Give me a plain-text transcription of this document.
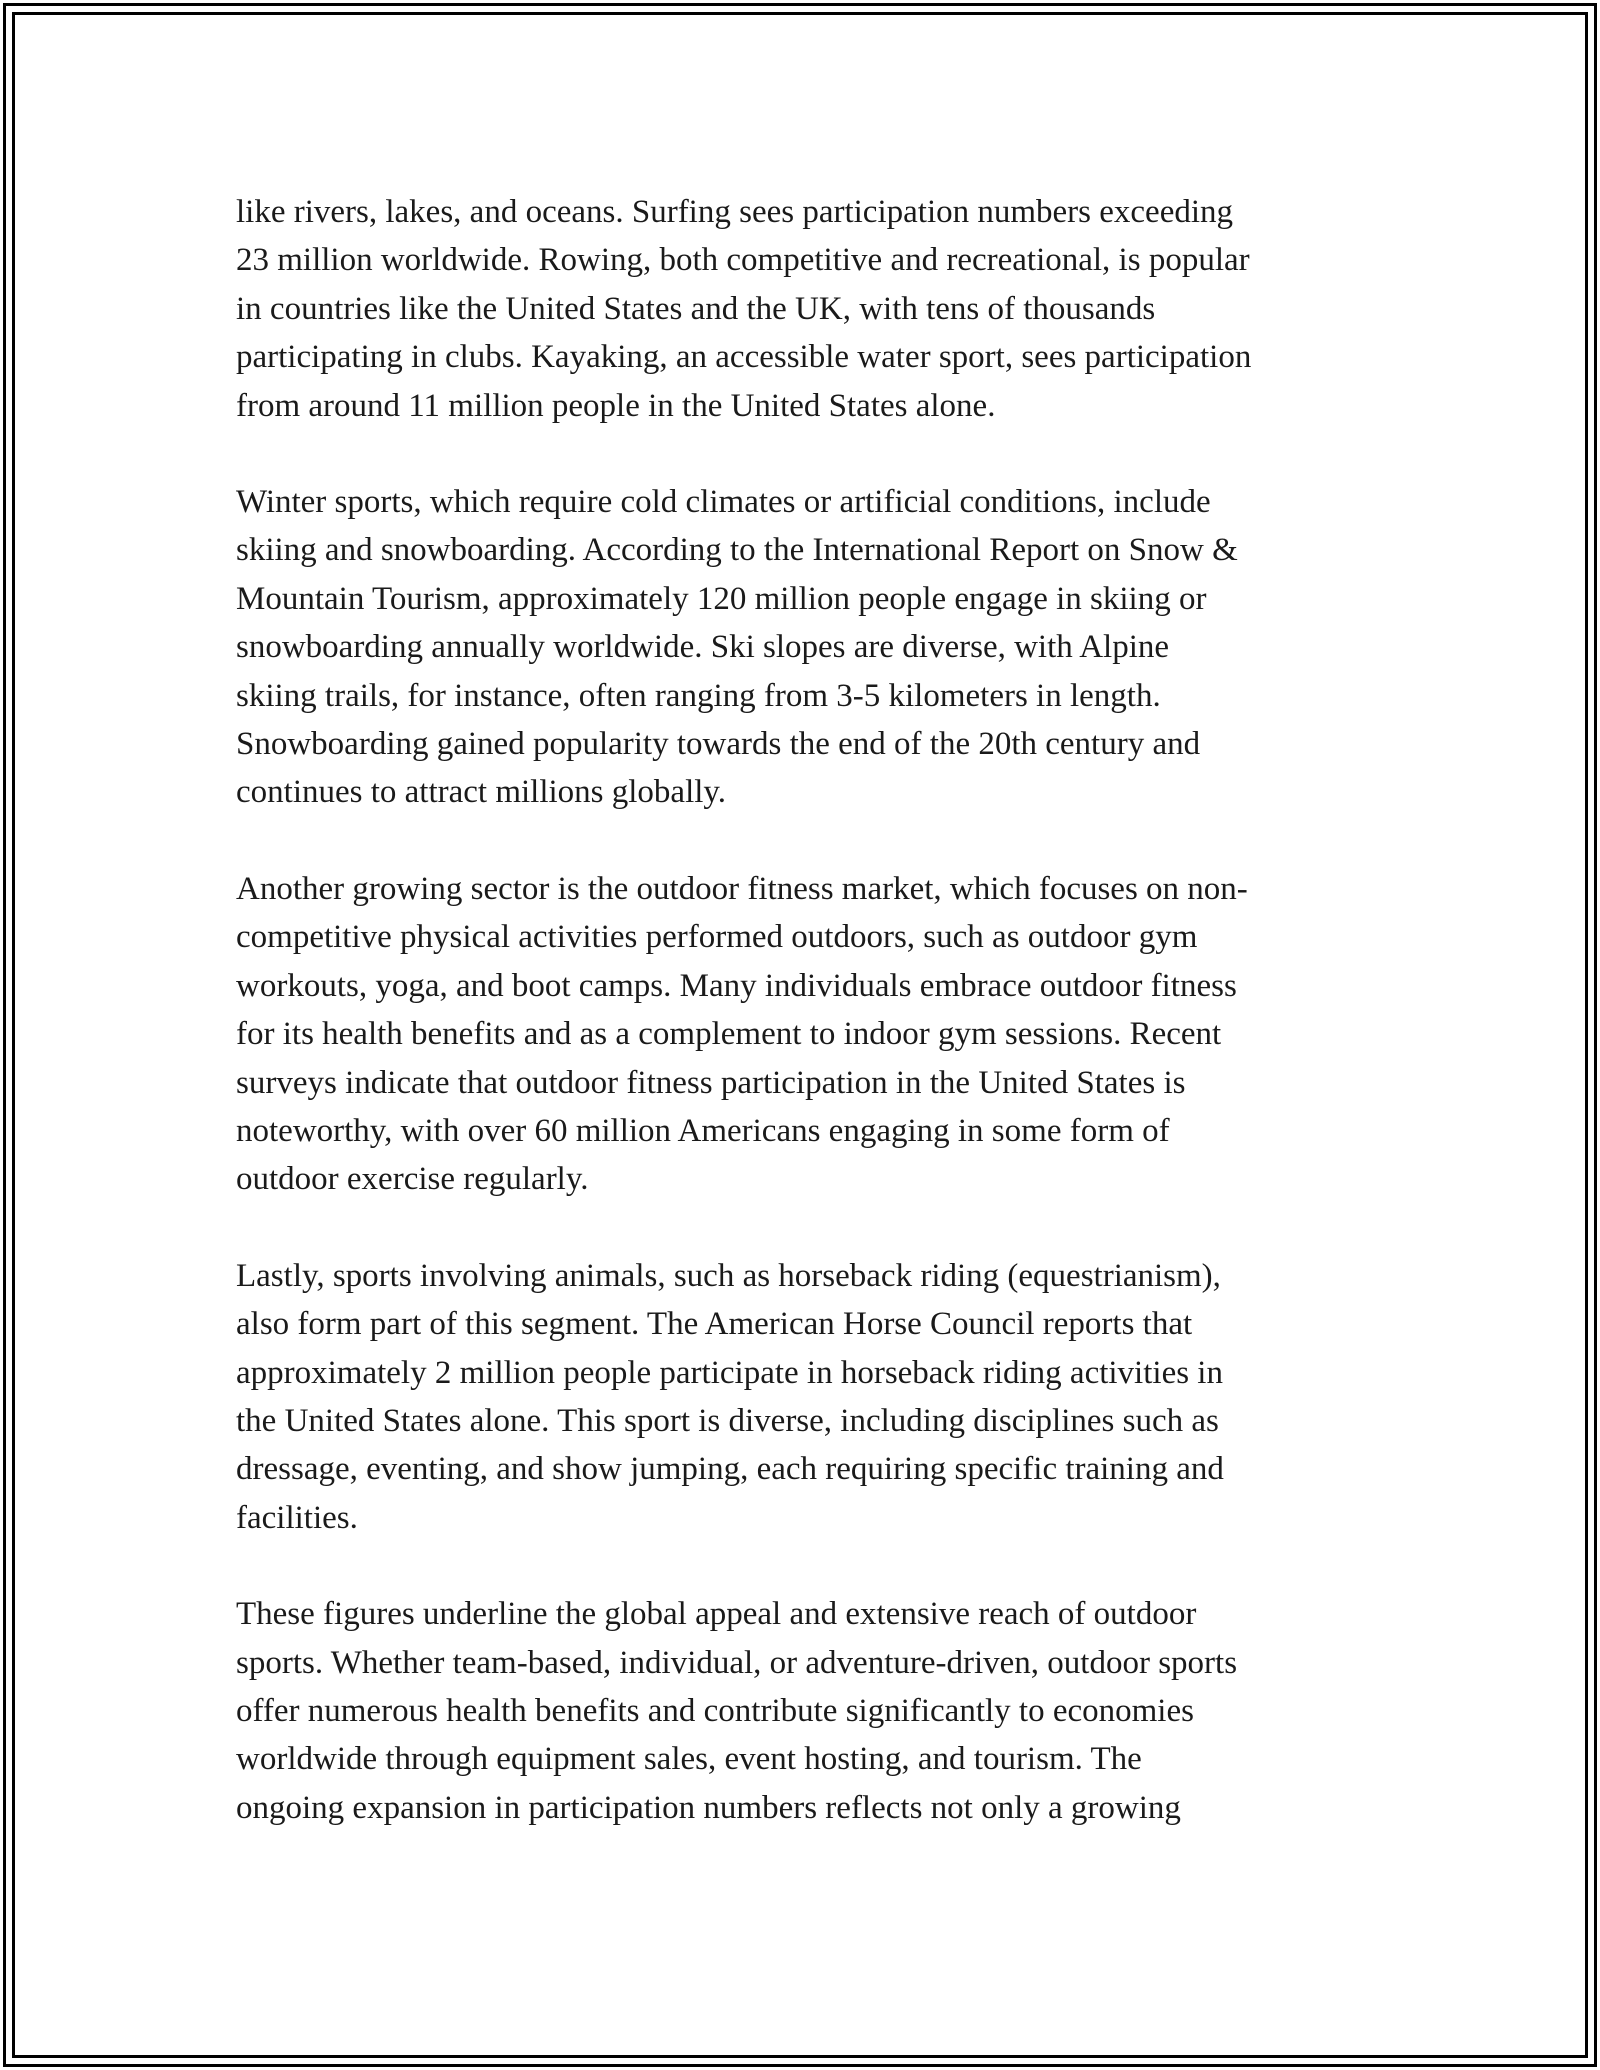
like rivers, lakes, and oceans. Surfing sees participation numbers exceeding
23 million worldwide. Rowing, both competitive and recreational, is popular
in countries like the United States and the UK, with tens of thousands
participating in clubs. Kayaking, an accessible water sport, sees participation
from around 11 million people in the United States alone.

Winter sports, which require cold climates or artificial conditions, include
skiing and snowboarding. According to the International Report on Snow &
Mountain Tourism, approximately 120 million people engage in skiing or
snowboarding annually worldwide. Ski slopes are diverse, with Alpine
skiing trails, for instance, often ranging from 3-5 kilometers in length.
Snowboarding gained popularity towards the end of the 20th century and
continues to attract millions globally.

Another growing sector is the outdoor fitness market, which focuses on non-
competitive physical activities performed outdoors, such as outdoor gym
workouts, yoga, and boot camps. Many individuals embrace outdoor fitness
for its health benefits and as a complement to indoor gym sessions. Recent
surveys indicate that outdoor fitness participation in the United States is
noteworthy, with over 60 million Americans engaging in some form of
outdoor exercise regularly.

Lastly, sports involving animals, such as horseback riding (equestrianism),
also form part of this segment. The American Horse Council reports that
approximately 2 million people participate in horseback riding activities in
the United States alone. This sport is diverse, including disciplines such as
dressage, eventing, and show jumping, each requiring specific training and
facilities.

These figures underline the global appeal and extensive reach of outdoor
sports. Whether team-based, individual, or adventure-driven, outdoor sports
offer numerous health benefits and contribute significantly to economies
worldwide through equipment sales, event hosting, and tourism. The
ongoing expansion in participation numbers reflects not only a growing
